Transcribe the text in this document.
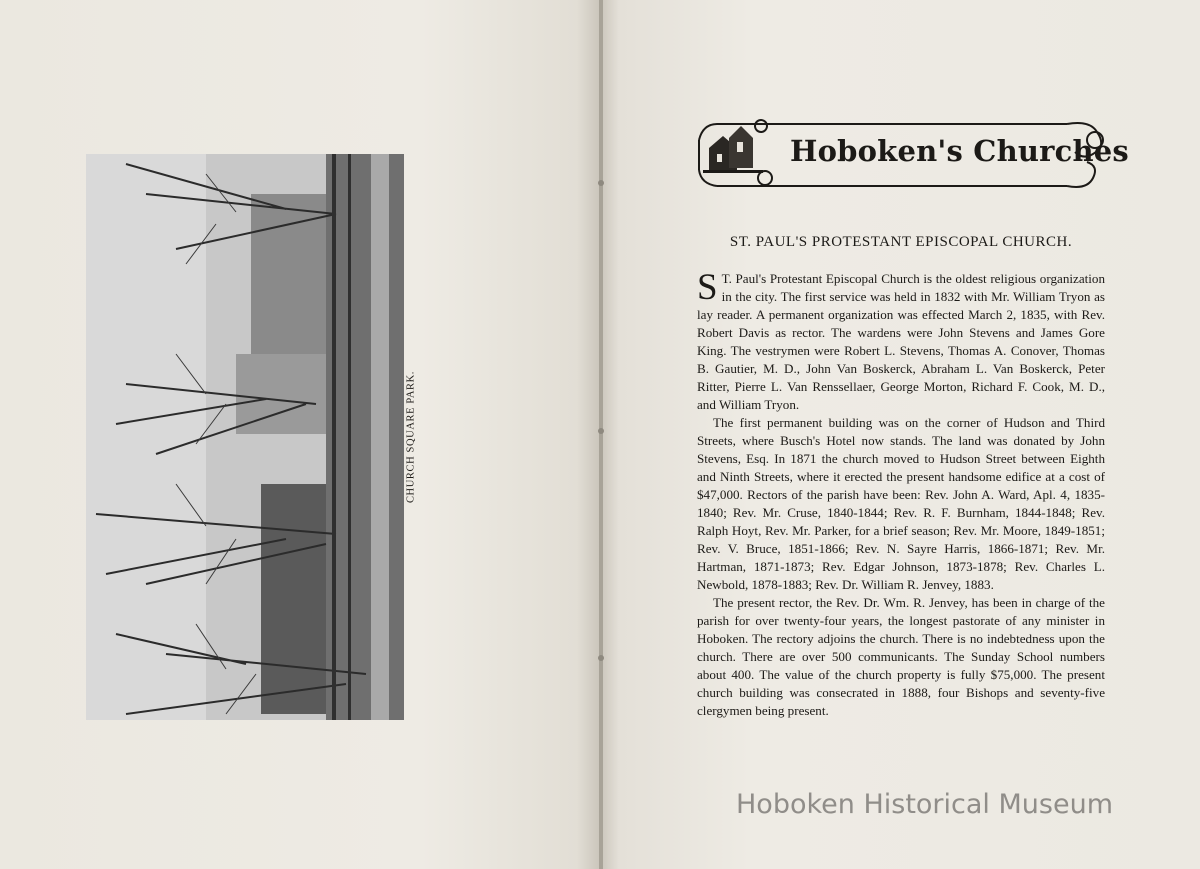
CHURCH SQUARE PARK.
Hoboken's Churches
ST. PAUL'S PROTESTANT EPISCOPAL CHURCH.

S T. Paul's Protestant Episcopal Church is the oldest religious organization in the city. The first service was held in 1832 with Mr. William Tryon as lay reader. A permanent organization was effected March 2, 1835, with Rev. Robert Davis as rector. The wardens were John Stevens and James Gore King. The vestrymen were Robert L. Stevens, Thomas A. Conover, Thomas B. Gautier, M. D., John Van Boskerck, Abraham L. Van Boskerck, Peter Ritter, Pierre L. Van Renssellaer, George Morton, Richard F. Cook, M. D., and William Tryon.

The first permanent building was on the corner of Hudson and Third Streets, where Busch's Hotel now stands. The land was donated by John Stevens, Esq. In 1871 the church moved to Hudson Street between Eighth and Ninth Streets, where it erected the present handsome edifice at a cost of $47,000. Rectors of the parish have been: Rev. John A. Ward, Apl. 4, 1835-1840; Rev. Mr. Cruse, 1840-1844; Rev. R. F. Burnham, 1844-1848; Rev. Ralph Hoyt, Rev. Mr. Parker, for a brief season; Rev. Mr. Moore, 1849-1851; Rev. V. Bruce, 1851-1866; Rev. N. Sayre Harris, 1866-1871; Rev. Mr. Hartman, 1871-1873; Rev. Edgar Johnson, 1873-1878; Rev. Charles L. Newbold, 1878-1883; Rev. Dr. William R. Jenvey, 1883.

The present rector, the Rev. Dr. Wm. R. Jenvey, has been in charge of the parish for over twenty-four years, the longest pastorate of any minister in Hoboken. The rectory adjoins the church. There is no indebtedness upon the church. There are over 500 communicants. The Sunday School numbers about 400. The value of the church property is fully $75,000. The present church building was consecrated in 1888, four Bishops and seventy-five clergymen being present.

Hoboken Historical Museum
